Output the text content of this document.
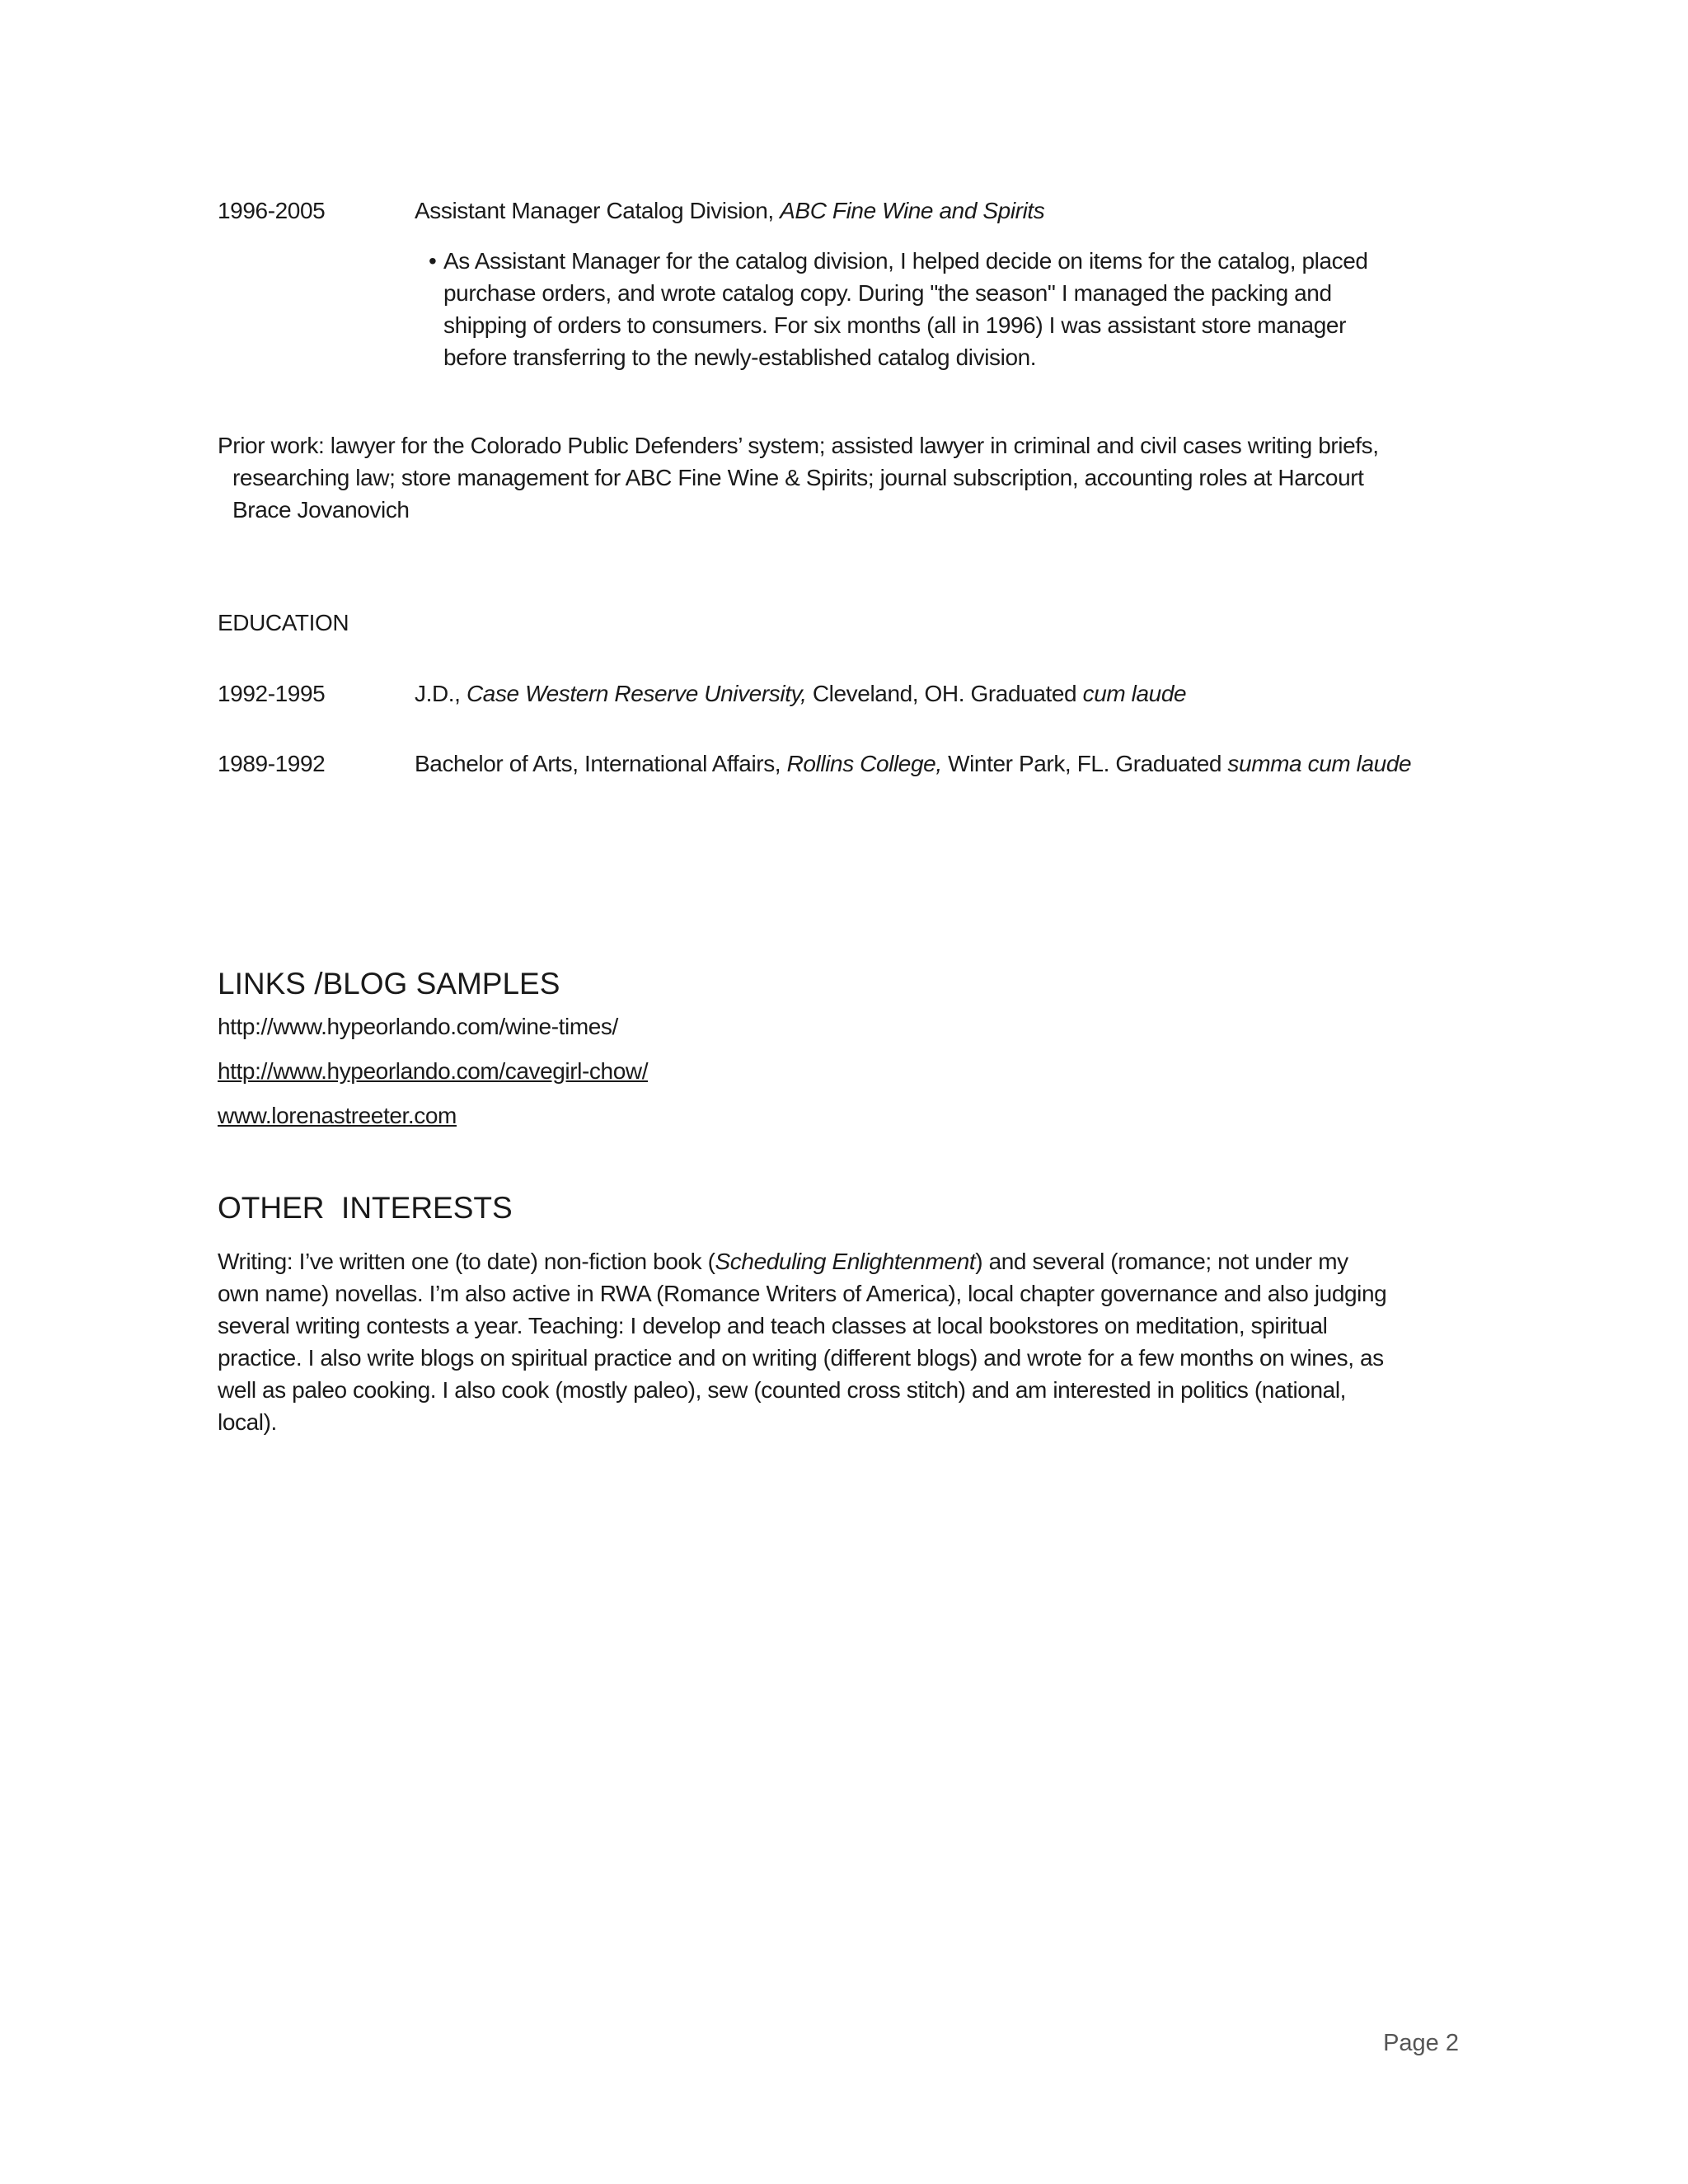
1996-2005	Assistant Manager Catalog Division, ABC Fine Wine and Spirits
• As Assistant Manager for the catalog division, I helped decide on items for the catalog, placed purchase orders, and wrote catalog copy. During "the season" I managed the packing and shipping of orders to consumers. For six months (all in 1996) I was assistant store manager before transferring to the newly-established catalog division.
Prior work: lawyer for the Colorado Public Defenders’ system; assisted lawyer in criminal and civil cases writing briefs, researching law; store management for ABC Fine Wine & Spirits; journal subscription, accounting roles at Harcourt Brace Jovanovich
EDUCATION
1992-1995	J.D., Case Western Reserve University, Cleveland, OH. Graduated cum laude
1989-1992	Bachelor of Arts, International Affairs, Rollins College, Winter Park, FL. Graduated summa cum laude
LINKS /BLOG SAMPLES
http://www.hypeorlando.com/wine-times/
http://www.hypeorlando.com/cavegirl-chow/
www.lorenastreeter.com
OTHER  INTERESTS
Writing: I’ve written one (to date) non-fiction book (Scheduling Enlightenment) and several (romance; not under my own name) novellas. I’m also active in RWA (Romance Writers of America), local chapter governance and also judging several writing contests a year. Teaching: I develop and teach classes at local bookstores on meditation, spiritual practice. I also write blogs on spiritual practice and on writing (different blogs) and wrote for a few months on wines, as well as paleo cooking. I also cook (mostly paleo), sew (counted cross stitch) and am interested in politics (national, local).
Page 2
